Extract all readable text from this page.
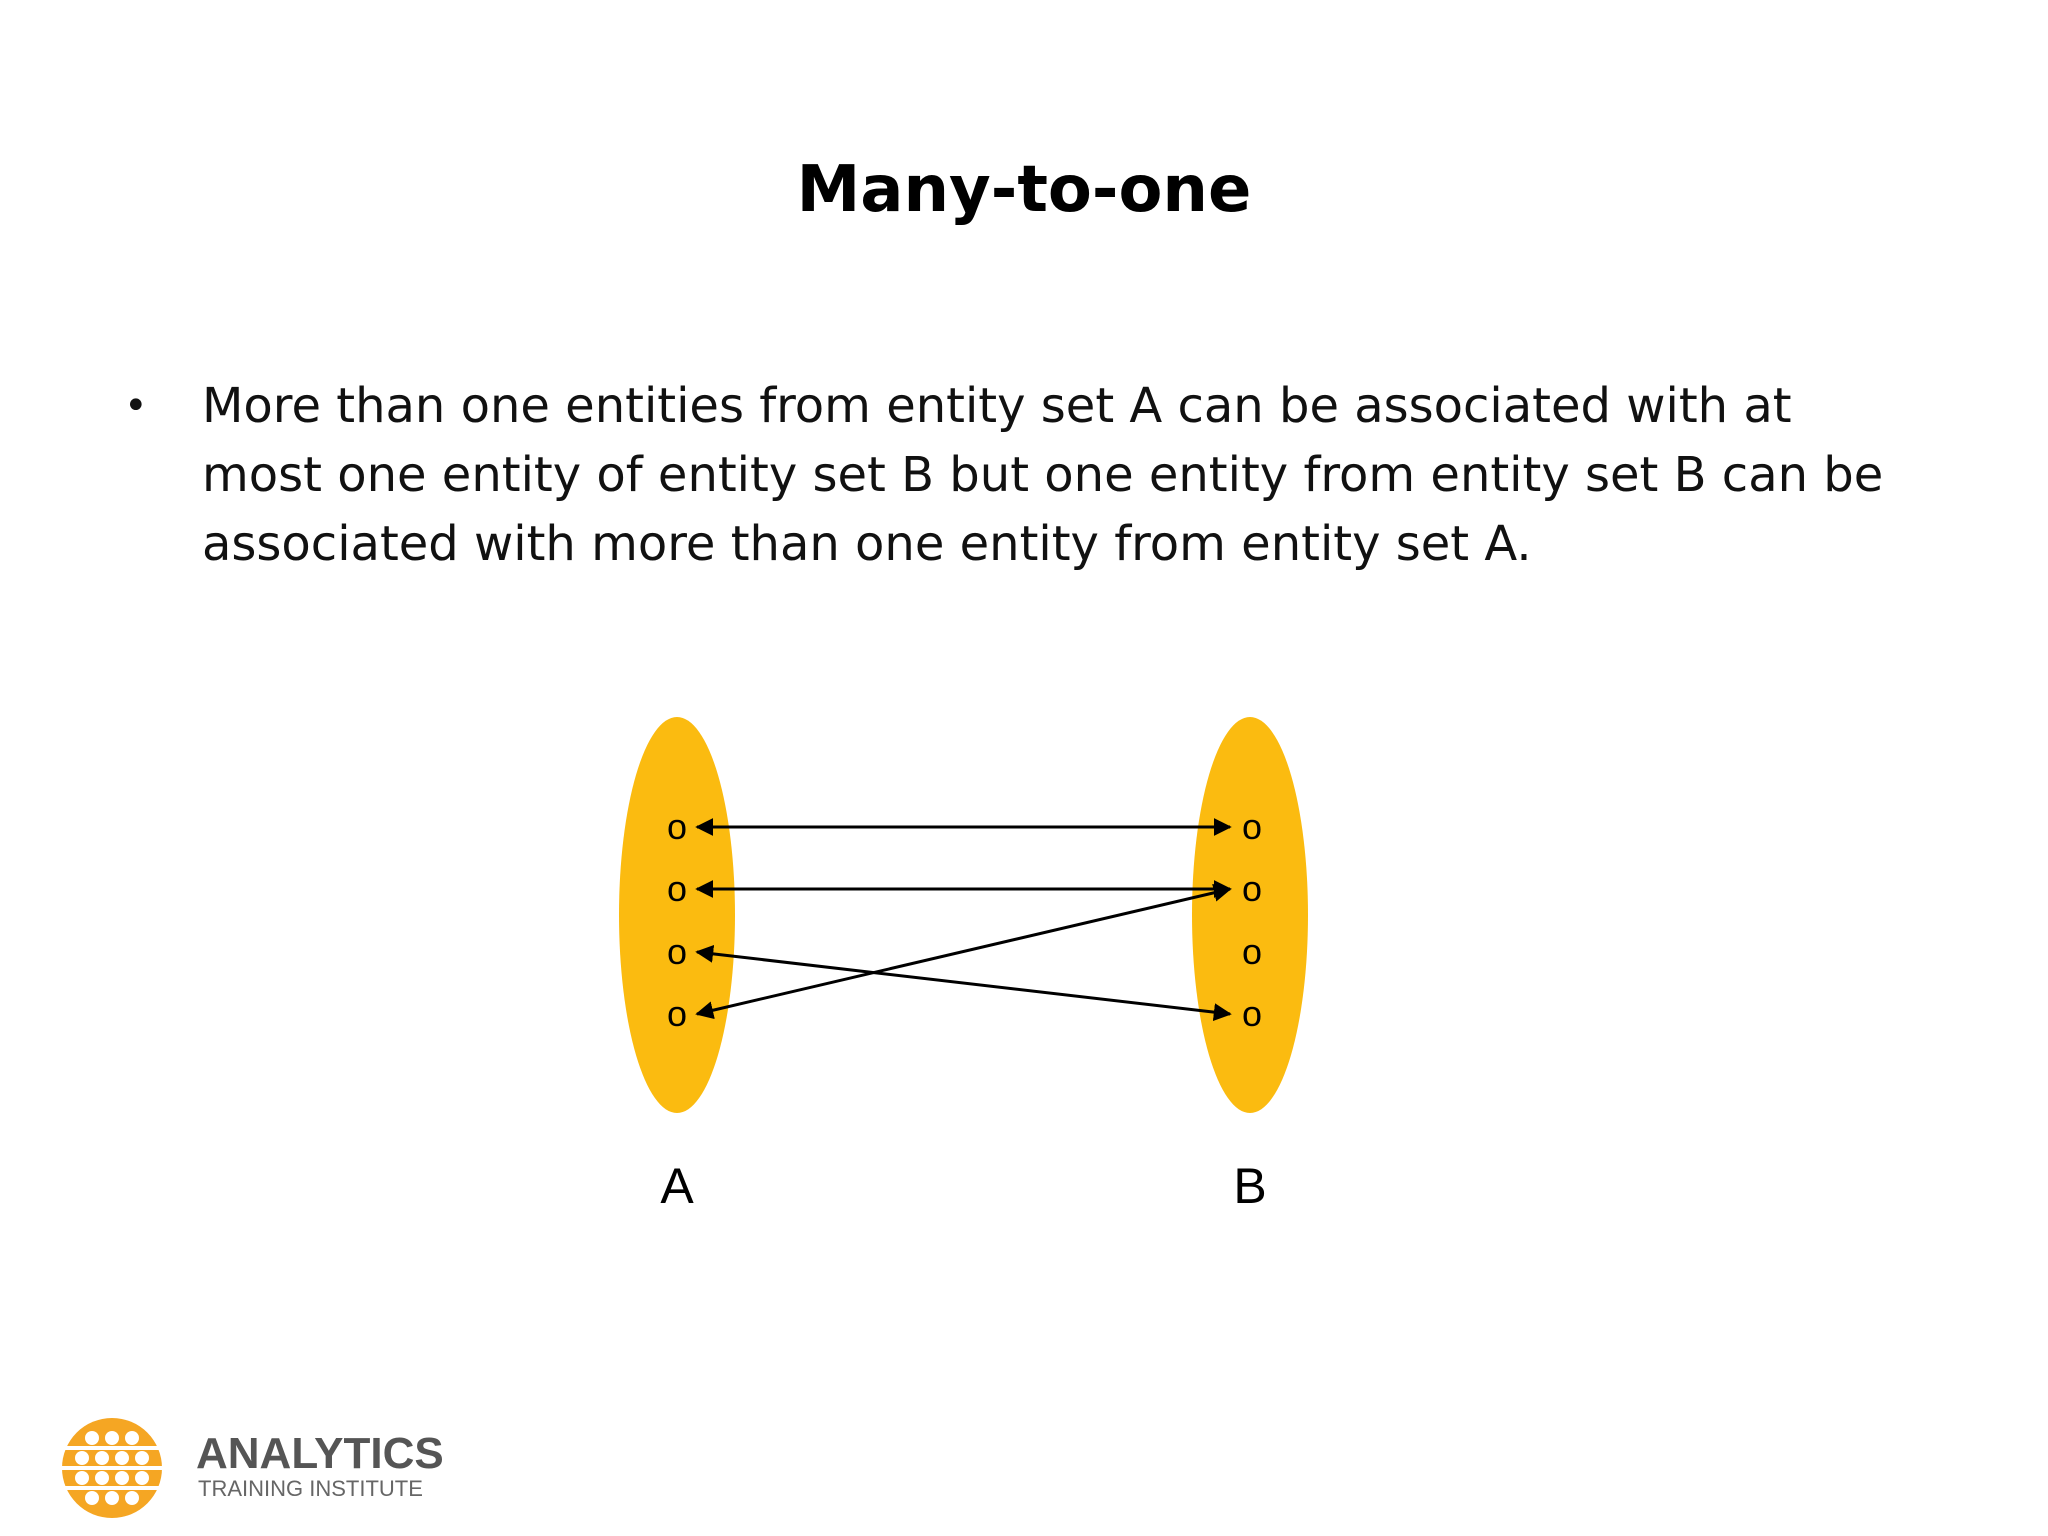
Many-to-one
• More than one entities from entity set A can be associated with at most one entity of entity set B but one entity from entity set B can be associated with more than one entity from entity set A.
o
o
o
o
o
o
o
o
A	B
ANALYTICS
TRAINING INSTITUTE
